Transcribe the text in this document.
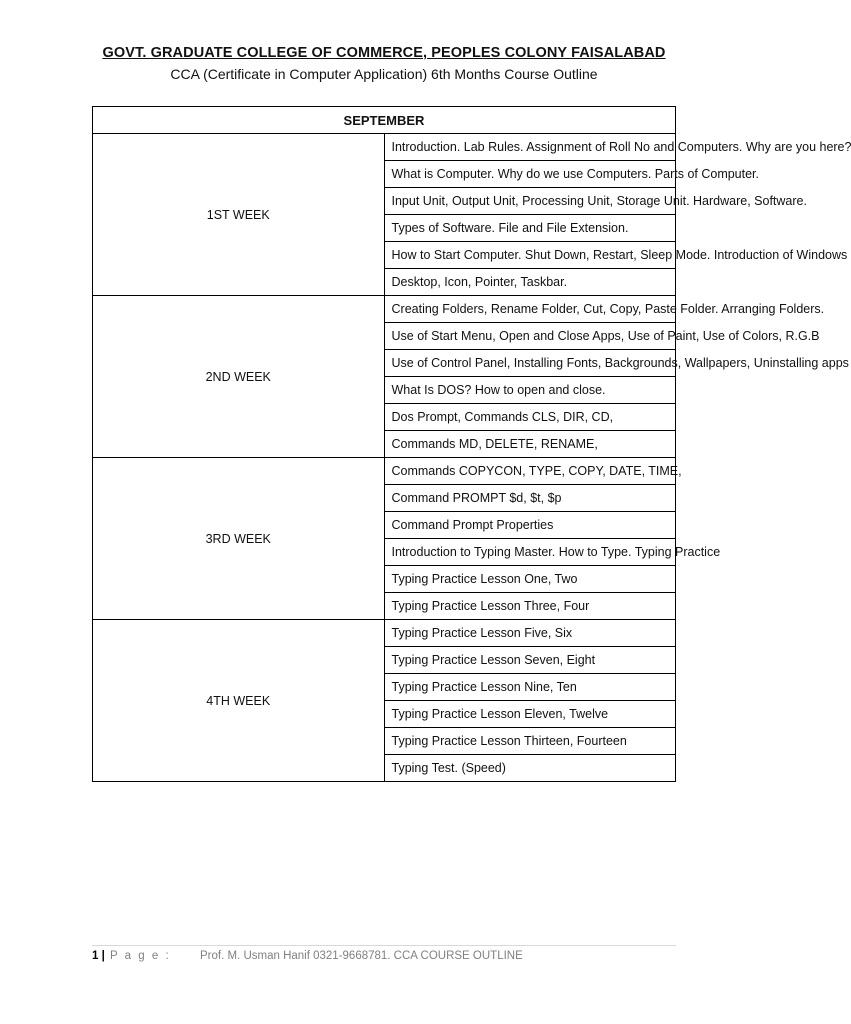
GOVT. GRADUATE COLLEGE OF COMMERCE, PEOPLES COLONY FAISALABAD
CCA (Certificate in Computer Application) 6th Months Course Outline
SEPTEMBER	
1ST WEEK	Introduction. Lab Rules. Assignment of Roll No and Computers. Why are you here?
	What is Computer. Why do we use Computers. Parts of Computer.
	Input Unit, Output Unit, Processing Unit, Storage Unit. Hardware, Software.
	Types of Software. File and File Extension.
	How to Start Computer. Shut Down, Restart, Sleep Mode. Introduction of Windows
	Desktop, Icon, Pointer, Taskbar.
2ND WEEK	Creating Folders, Rename Folder, Cut, Copy, Paste Folder. Arranging Folders.
	Use of Start Menu, Open and Close Apps, Use of Paint, Use of Colors, R.G.B
	Use of Control Panel, Installing Fonts, Backgrounds, Wallpapers, Uninstalling apps
	What Is DOS? How to open and close.
	Dos Prompt, Commands CLS, DIR, CD,
	Commands MD, DELETE, RENAME,
3RD WEEK	Commands COPYCON, TYPE, COPY, DATE, TIME,
	Command PROMPT $d, $t, $p
	Command Prompt Properties
	Introduction to Typing Master. How to Type. Typing Practice
	Typing Practice Lesson One, Two
	Typing Practice Lesson Three, Four
4TH WEEK	Typing Practice Lesson Five, Six
	Typing Practice Lesson Seven, Eight
	Typing Practice Lesson Nine, Ten
	Typing Practice Lesson Eleven, Twelve
	Typing Practice Lesson Thirteen, Fourteen
	Typing Test. (Speed)
1 | P a g e :	Prof. M. Usman Hanif 0321-9668781. CCA COURSE OUTLINE
